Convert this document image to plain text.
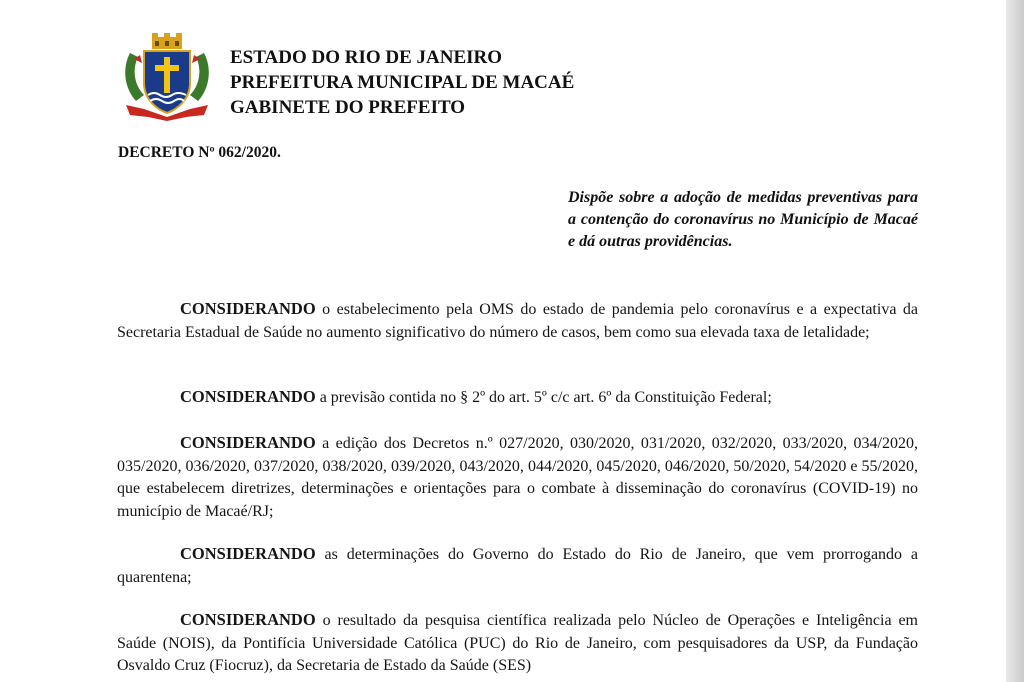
ESTADO DO RIO DE JANEIRO
PREFEITURA MUNICIPAL DE MACAÉ
GABINETE DO PREFEITO
DECRETO Nº 062/2020.
Dispõe sobre a adoção de medidas preventivas para a contenção do coronavírus no Município de Macaé e dá outras providências.
CONSIDERANDO o estabelecimento pela OMS do estado de pandemia pelo coronavírus e a expectativa da Secretaria Estadual de Saúde no aumento significativo do número de casos, bem como sua elevada taxa de letalidade;
CONSIDERANDO a previsão contida no § 2º do art. 5º c/c art. 6º da Constituição Federal;
CONSIDERANDO a edição dos Decretos n.º 027/2020, 030/2020, 031/2020, 032/2020, 033/2020, 034/2020, 035/2020, 036/2020, 037/2020, 038/2020, 039/2020, 043/2020, 044/2020, 045/2020, 046/2020, 50/2020, 54/2020 e 55/2020, que estabelecem diretrizes, determinações e orientações para o combate à disseminação do coronavírus (COVID-19) no município de Macaé/RJ;
CONSIDERANDO as determinações do Governo do Estado do Rio de Janeiro, que vem prorrogando a quarentena;
CONSIDERANDO o resultado da pesquisa científica realizada pelo Núcleo de Operações e Inteligência em Saúde (NOIS), da Pontifícia Universidade Católica (PUC) do Rio de Janeiro, com pesquisadores da USP, da Fundação Osvaldo Cruz (Fiocruz), da Secretaria de Estado da Saúde (SES)
